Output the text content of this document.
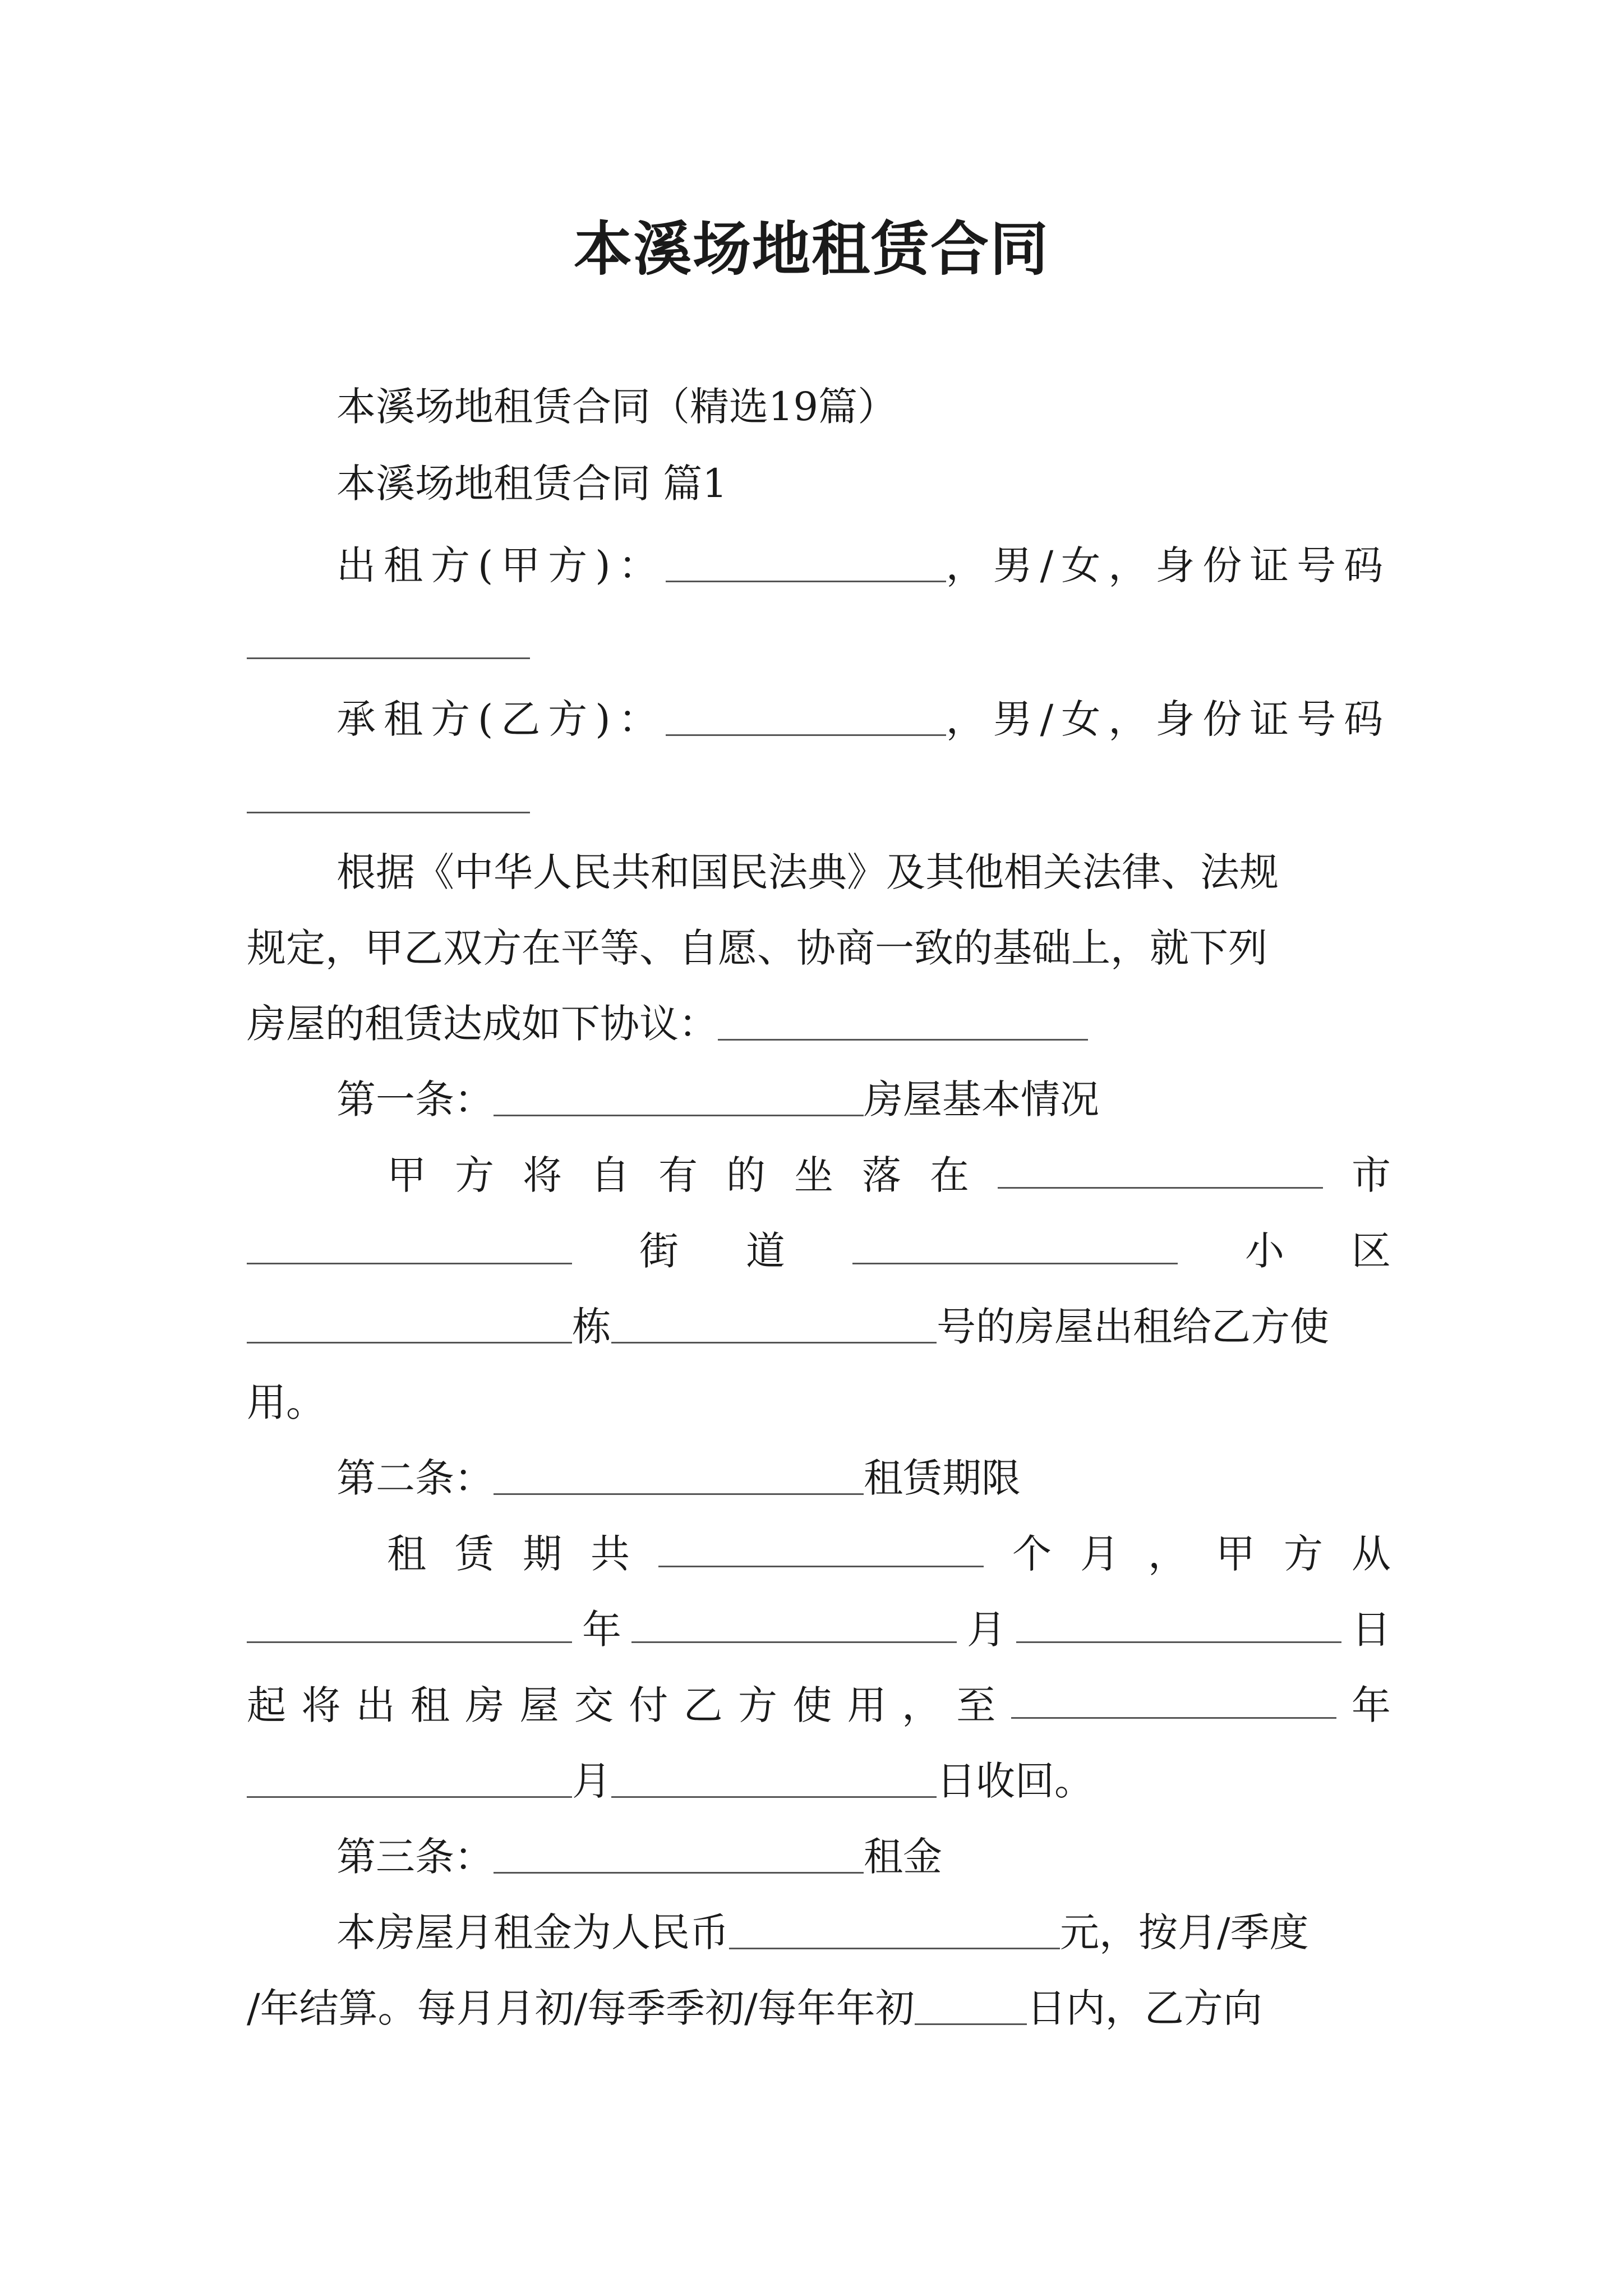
本溪场地租赁合同
本溪场地租赁合同（精选19篇）
本溪场地租赁合同 篇1
出租方(甲方)：	，男/女，身份证号码
承租方(乙方)：	，男/女，身份证号码
根据《中华人民共和国民法典》及其他相关法律、法规
规定，甲乙双方在平等、自愿、协商一致的基础上，就下列
房屋的租赁达成如下协议：
第一条：	房屋基本情况
甲 方 将 自 有 的 坐 落 在	市
街 道	小 区
栋	号的房屋出租给乙方使
用。
第二条：	租赁期限
租 赁 期 共	个 月 ， 甲 方 从
年	月	日
起 将 出 租 房 屋 交 付 乙 方 使 用 ， 至	年
月	日收回。
第三条：	租金
本房屋月租金为人民币	元，按月/季度
/年结算。每月月初/每季季初/每年年初	日内，乙方向
